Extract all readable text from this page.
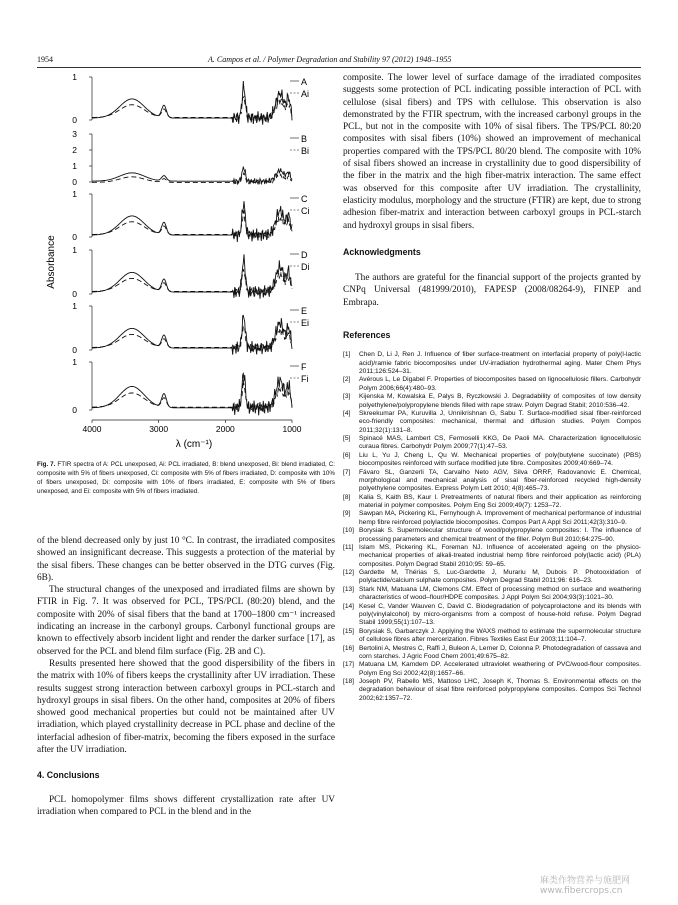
1954	A. Campos et al. / Polymer Degradation and Stability 97 (2012) 1948–1955
Absorbance
1
0
A
Ai
3
2
1
0
B
Bi
1
0
C
Ci
1
0
D
Di
1
0
E
Ei
1
0
F
Fi
4000	3000	2000	1000
λ (cm⁻¹)
Fig. 7. FTIR spectra of A: PCL unexposed, Ai: PCL irradiated, B: blend unexposed, Bi: blend irradiated, C: composite with 5% of fibers unexposed, Ci: composite with 5% of fibers irradiated, D: composite with 10% of fibers unexposed, Di: composite with 10% of fibers irradiated, E: composite with 5% of fibers unexposed, and Ei: composite with 5% of fibers irradiated.

of the blend decreased only by just 10 °C. In contrast, the irradiated composites showed an insignificant decrease. This suggests a protection of the material by the sisal fibers. These changes can be better observed in the DTG curves (Fig. 6B).

The structural changes of the unexposed and irradiated films are shown by FTIR in Fig. 7. It was observed for PCL, TPS/PCL (80:20) blend, and the composite with 20% of sisal fibers that the band at 1700–1800 cm⁻¹ increased indicating an increase in the carbonyl groups. Carbonyl functional groups are known to effectively absorb incident light and render the darker surface [17], as observed for the PCL and blend film surface (Fig. 2B and C).

Results presented here showed that the good dispersibility of the fibers in the matrix with 10% of fibers keeps the crystallinity after UV irradiation. These results suggest strong interaction between carboxyl groups in PCL-starch and hydroxyl groups in sisal fibers. On the other hand, composites at 20% of fibers showed good mechanical properties but could not be maintained after UV irradiation, which played crystallinity decrease in PCL phase and decline of the interfacial adhesion of fiber-matrix, becoming the fibers exposed in the surface after the UV irradiation.

4. Conclusions

PCL homopolymer films shows different crystallization rate after UV irradiation when compared to PCL in the blend and in the

composite. The lower level of surface damage of the irradiated composites suggests some protection of PCL indicating possible interaction of PCL with cellulose (sisal fibers) and TPS with cellulose. This observation is also demonstrated by the FTIR spectrum, with the increased carbonyl groups in the PCL, but not in the composite with 10% of sisal fibers. The TPS/PCL 80:20 composites with sisal fibers (10%) showed an improvement of mechanical properties compared with the TPS/PCL 80/20 blend. The composite with 10% of sisal fibers showed an increase in crystallinity due to good dispersibility of the fiber in the matrix and the high fiber-matrix interaction. The same effect was observed for this composite after UV irradiation. The crystallinity, elasticity modulus, morphology and the structure (FTIR) are kept, due to strong adhesion fiber-matrix and interaction between carboxyl groups in PCL-starch and hydroxyl groups in sisal fibers.

Acknowledgments

The authors are grateful for the financial support of the projects granted by CNPq Universal (481999/2010), FAPESP (2008/08264-9), FINEP and Embrapa.

References
[1]	Chen D, Li J, Ren J. Influence of fiber surface-treatment on interfacial property of poly(l-lactic acid)/ramie fabric biocomposites under UV-irradiation hydrothermal aging. Mater Chem Phys 2011;126:524–31.
[2]	Avérous L, Le Digabel F. Properties of biocomposites based on lignocellulosic fillers. Carbohydr Polym 2006;66(4):480–93.
[3]	Kijenska M, Kowalska E, Palys B, Ryczkowski J. Degradability of composites of low density polyethylene/polypropylene blends filled with rape straw. Polym Degrad Stabil; 2010:536–42.
[4]	Skreekumar PA, Kuruvilla J, Unnikrishnan G, Sabu T. Surface-modified sisal fiber-reinforced eco-friendly composites: mechanical, thermal and diffusion studies. Polym Compos 2011;32(1):131–8.
[5]	Spinacé MAS, Lambert CS, Fermoselli KKG, De Paoli MA. Characterization lignocellulosic curaua fibres. Carbohydr Polym 2009;77(1):47–53.
[6]	Liu L, Yu J, Cheng L, Qu W. Mechanical properties of poly(butylene succinate) (PBS) biocomposites reinforced with surface modified jute fibre. Composites 2009;40:669–74.
[7]	Fávaro SL, Ganzerli TA, Carvalho Neto AGV, Silva ORRF, Radovanovic E. Chemical, morphological and mechanical analysis of sisal fiber-reinforced recycled high-density polyethylene composites. Express Polym Lett 2010; 4(8):465–73.
[8]	Kalia S, Kaith BS, Kaur I. Pretreatments of natural fibers and their application as reinforcing material in polymer composites. Polym Eng Sci 2009;49(7): 1253–72.
[9]	Sawpan MA, Pickering KL, Fernyhough A. Improvement of mechanical performance of industrial hemp fibre reinforced polylactide biocomposites. Compos Part A Appl Sci 2011;42(3):310–9.
[10] Borysiak S. Supermolecular structure of wood/polypropylene composites: I. The influence of processing parameters and chemical treatment of the filler. Polym Bull 2010;64:275–90.
[11] Islam MS, Pickering KL, Foreman NJ. Influence of accelerated ageing on the physico-mechanical properties of alkali-treated industrial hemp fibre reinforced poly(lactic acid) (PLA) composites. Polym Degrad Stabil 2010;95: 59–65.
[12] Gardette M, Thérias S, Luc-Gardette J, Murariu M, Dubois P. Photooxidation of polylactide/calcium sulphate composites. Polym Degrad Stabil 2011;96: 616–23.
[13] Stark NM, Matuana LM, Clemons CM. Effect of processing method on surface and weathering characteristics of wood–flour/HDPE composites. J Appl Polym Sci 2004;93(3):1021–30.
[14] Kesel C, Vander Wauven C, David C. Biodegradation of polycaprolactone and its blends with poly(vinylalcohol) by micro-organisms from a compost of house-hold refuse. Polym Degrad Stabil 1999;55(1):107–13.
[15] Borysiak S, Garbarczyk J. Applying the WAXS method to estimate the supermolecular structure of cellulose fibres after mercerization. Fibres Textiles East Eur 2003;11:104–7.
[16] Bertolini A, Mestres C, Raffi J, Buleon A, Lerner D, Colonna P. Photodegradation of cassava and corn starches. J Agric Food Chem 2001;49:675–82.
[17] Matuana LM, Kamdem DP. Accelerated ultraviolet weathering of PVC/wood-flour composites. Polym Eng Sci 2002;42(8):1657–66.
[18] Joseph PV, Rabello MS, Mattoso LHC, Joseph K, Thomas S. Environmental effects on the degradation behaviour of sisal fibre reinforced polypropylene composites. Compos Sci Technol 2002;62:1357–72.
麻类作物营养与施肥网 www.fibercrops.cn
